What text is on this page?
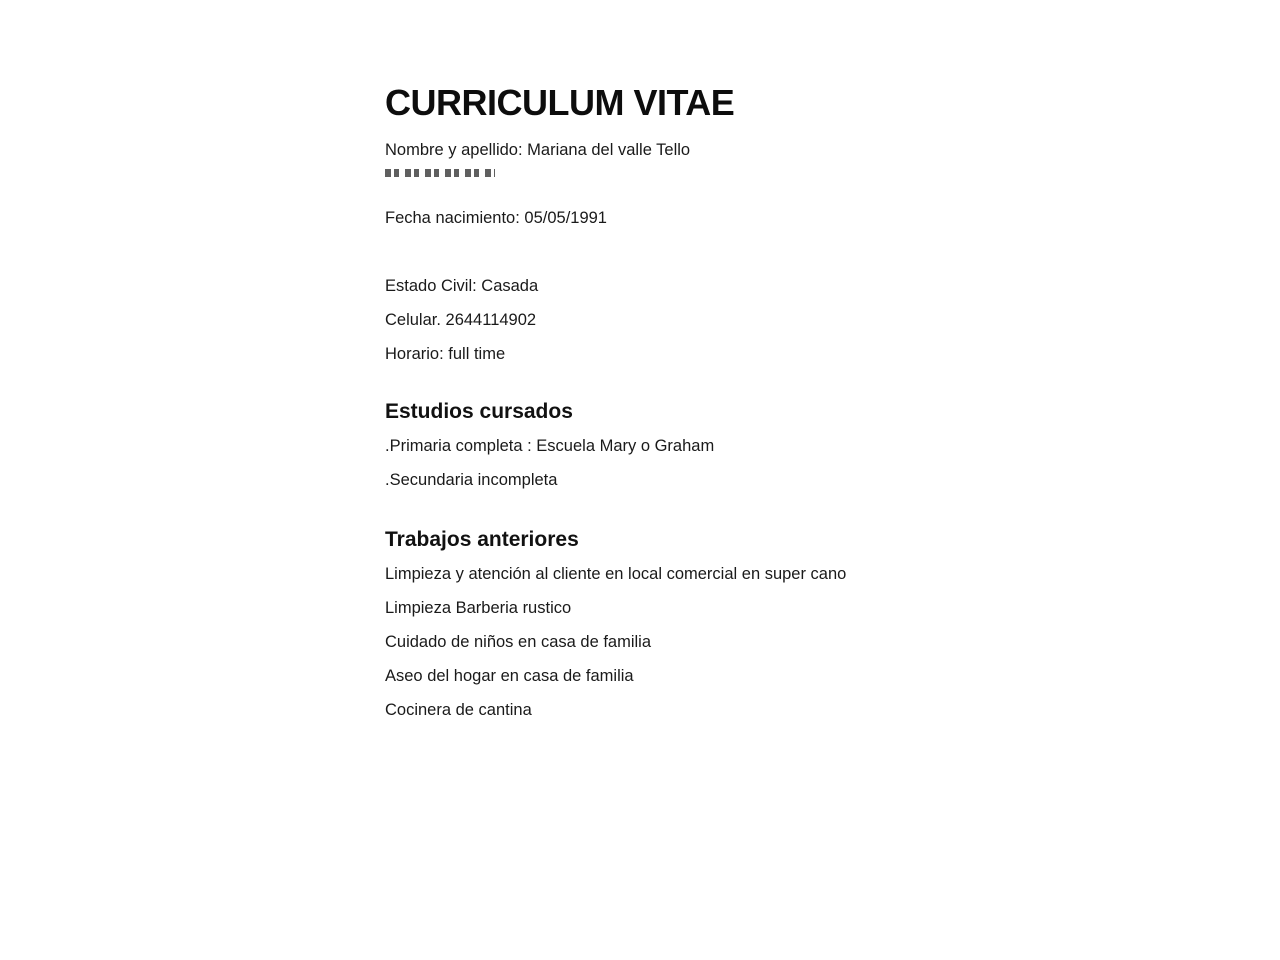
CURRICULUM VITAE

Nombre y apellido: Mariana del valle Tello

Fecha nacimiento: 05/05/1991

Estado Civil: Casada

Celular. 2644114902

Horario: full time

Estudios cursados

.Primaria completa : Escuela Mary o Graham

.Secundaria incompleta

Trabajos anteriores

Limpieza y atención al cliente en local comercial en super cano

Limpieza Barberia rustico

Cuidado de niños en casa de familia

Aseo del hogar en casa de familia

Cocinera de cantina
